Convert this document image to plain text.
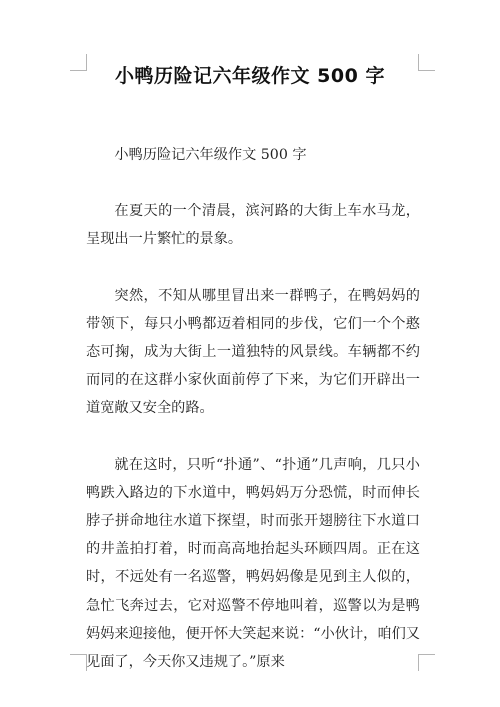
小鸭历险记六年级作文 500 字

小鸭历险记六年级作文 500 字

在夏天的一个清晨，滨河路的大街上车水马龙，呈现出一片繁忙的景象。

突然，不知从哪里冒出来一群鸭子，在鸭妈妈的带领下，每只小鸭都迈着相同的步伐，它们一个个憨态可掬，成为大街上一道独特的风景线。车辆都不约而同的在这群小家伙面前停了下来，为它们开辟出一道宽敞又安全的路。

就在这时，只听“扑通”、“扑通”几声响，几只小鸭跌入路边的下水道中，鸭妈妈万分恐慌，时而伸长脖子拼命地往水道下探望，时而张开翅膀往下水道口的井盖拍打着，时而高高地抬起头环顾四周。正在这时，不远处有一名巡警，鸭妈妈像是见到主人似的，急忙飞奔过去，它对巡警不停地叫着，巡警以为是鸭妈妈来迎接他，便开怀大笑起来说：“小伙计，咱们又见面了，今天你又违规了。”原来
